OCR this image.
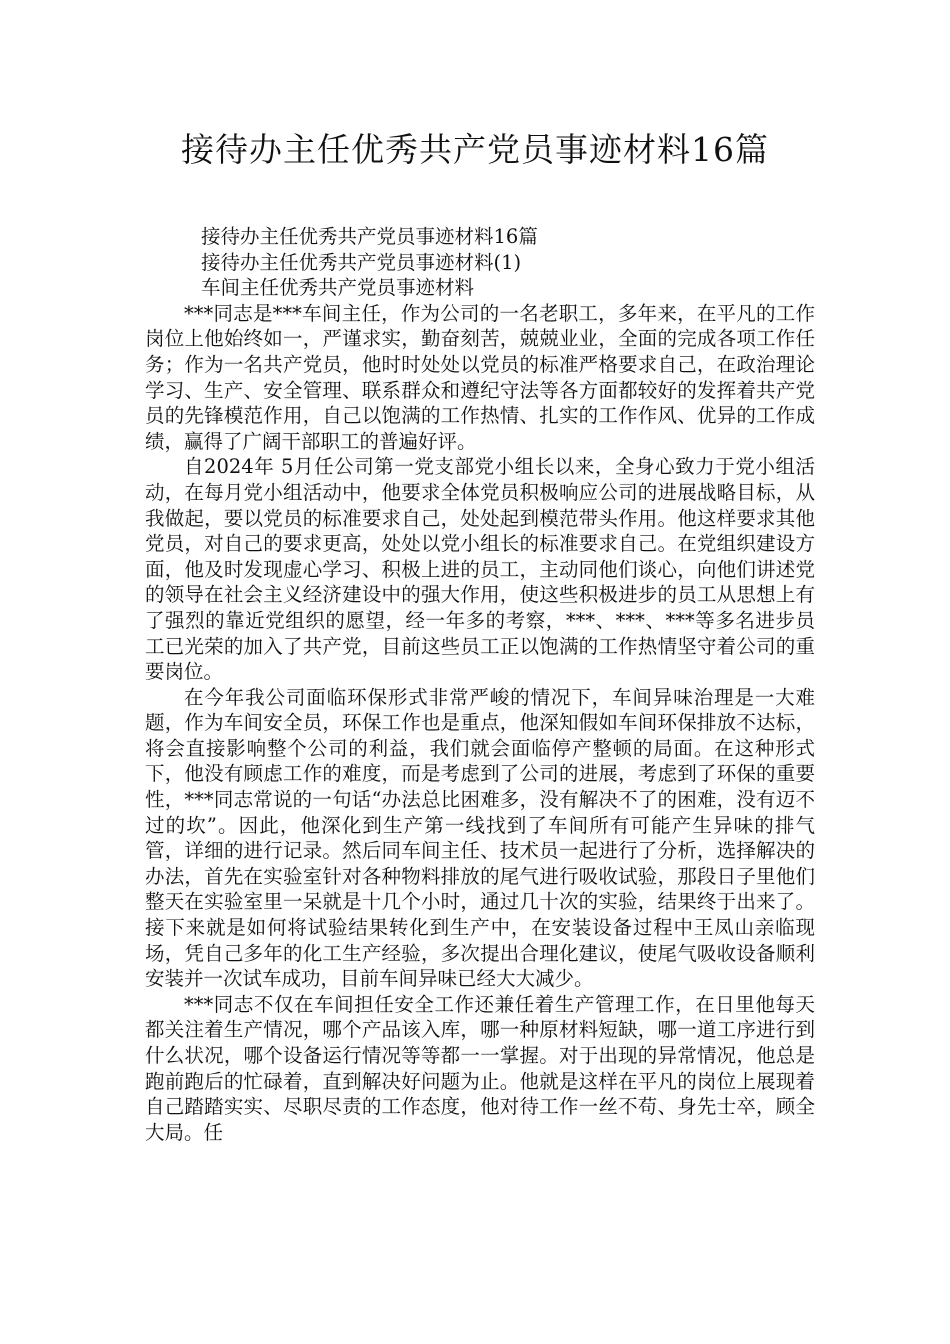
接待办主任优秀共产党员事迹材料16篇

接待办主任优秀共产党员事迹材料16篇

接待办主任优秀共产党员事迹材料(1)

车间主任优秀共产党员事迹材料

***同志是***车间主任，作为公司的一名老职工，多年来，在平凡的工作岗位上他始终如一，严谨求实，勤奋刻苦，兢兢业业，全面的完成各项工作任务；作为一名共产党员，他时时处处以党员的标准严格要求自己，在政治理论学习、生产、安全管理、联系群众和遵纪守法等各方面都较好的发挥着共产党员的先锋模范作用，自己以饱满的工作热情、扎实的工作作风、优异的工作成绩，赢得了广阔干部职工的普遍好评。

自2024年 5月任公司第一党支部党小组长以来，全身心致力于党小组活动，在每月党小组活动中，他要求全体党员积极响应公司的进展战略目标，从我做起，要以党员的标准要求自己，处处起到模范带头作用。他这样要求其他党员，对自己的要求更高，处处以党小组长的标准要求自己。在党组织建设方面，他及时发现虚心学习、积极上进的员工，主动同他们谈心，向他们讲述党的领导在社会主义经济建设中的强大作用，使这些积极进步的员工从思想上有了强烈的靠近党组织的愿望，经一年多的考察，***、***、***等多名进步员工已光荣的加入了共产党，目前这些员工正以饱满的工作热情坚守着公司的重要岗位。

在今年我公司面临环保形式非常严峻的情况下，车间异味治理是一大难题，作为车间安全员，环保工作也是重点，他深知假如车间环保排放不达标，将会直接影响整个公司的利益，我们就会面临停产整顿的局面。在这种形式下，他没有顾虑工作的难度，而是考虑到了公司的进展，考虑到了环保的重要性，***同志常说的一句话“办法总比困难多，没有解决不了的困难，没有迈不过的坎”。因此，他深化到生产第一线找到了车间所有可能产生异味的排气管，详细的进行记录。然后同车间主任、技术员一起进行了分析，选择解决的办法，首先在实验室针对各种物料排放的尾气进行吸收试验，那段日子里他们整天在实验室里一呆就是十几个小时，通过几十次的实验，结果终于出来了。接下来就是如何将试验结果转化到生产中，在安装设备过程中王凤山亲临现场，凭自己多年的化工生产经验，多次提出合理化建议，使尾气吸收设备顺利安装并一次试车成功，目前车间异味已经大大减少。

***同志不仅在车间担任安全工作还兼任着生产管理工作，在日里他每天都关注着生产情况，哪个产品该入库，哪一种原材料短缺，哪一道工序进行到什么状况，哪个设备运行情况等等都一一掌握。对于出现的异常情况，他总是跑前跑后的忙碌着，直到解决好问题为止。他就是这样在平凡的岗位上展现着自己踏踏实实、尽职尽责的工作态度，他对待工作一丝不苟、身先士卒，顾全大局。任
